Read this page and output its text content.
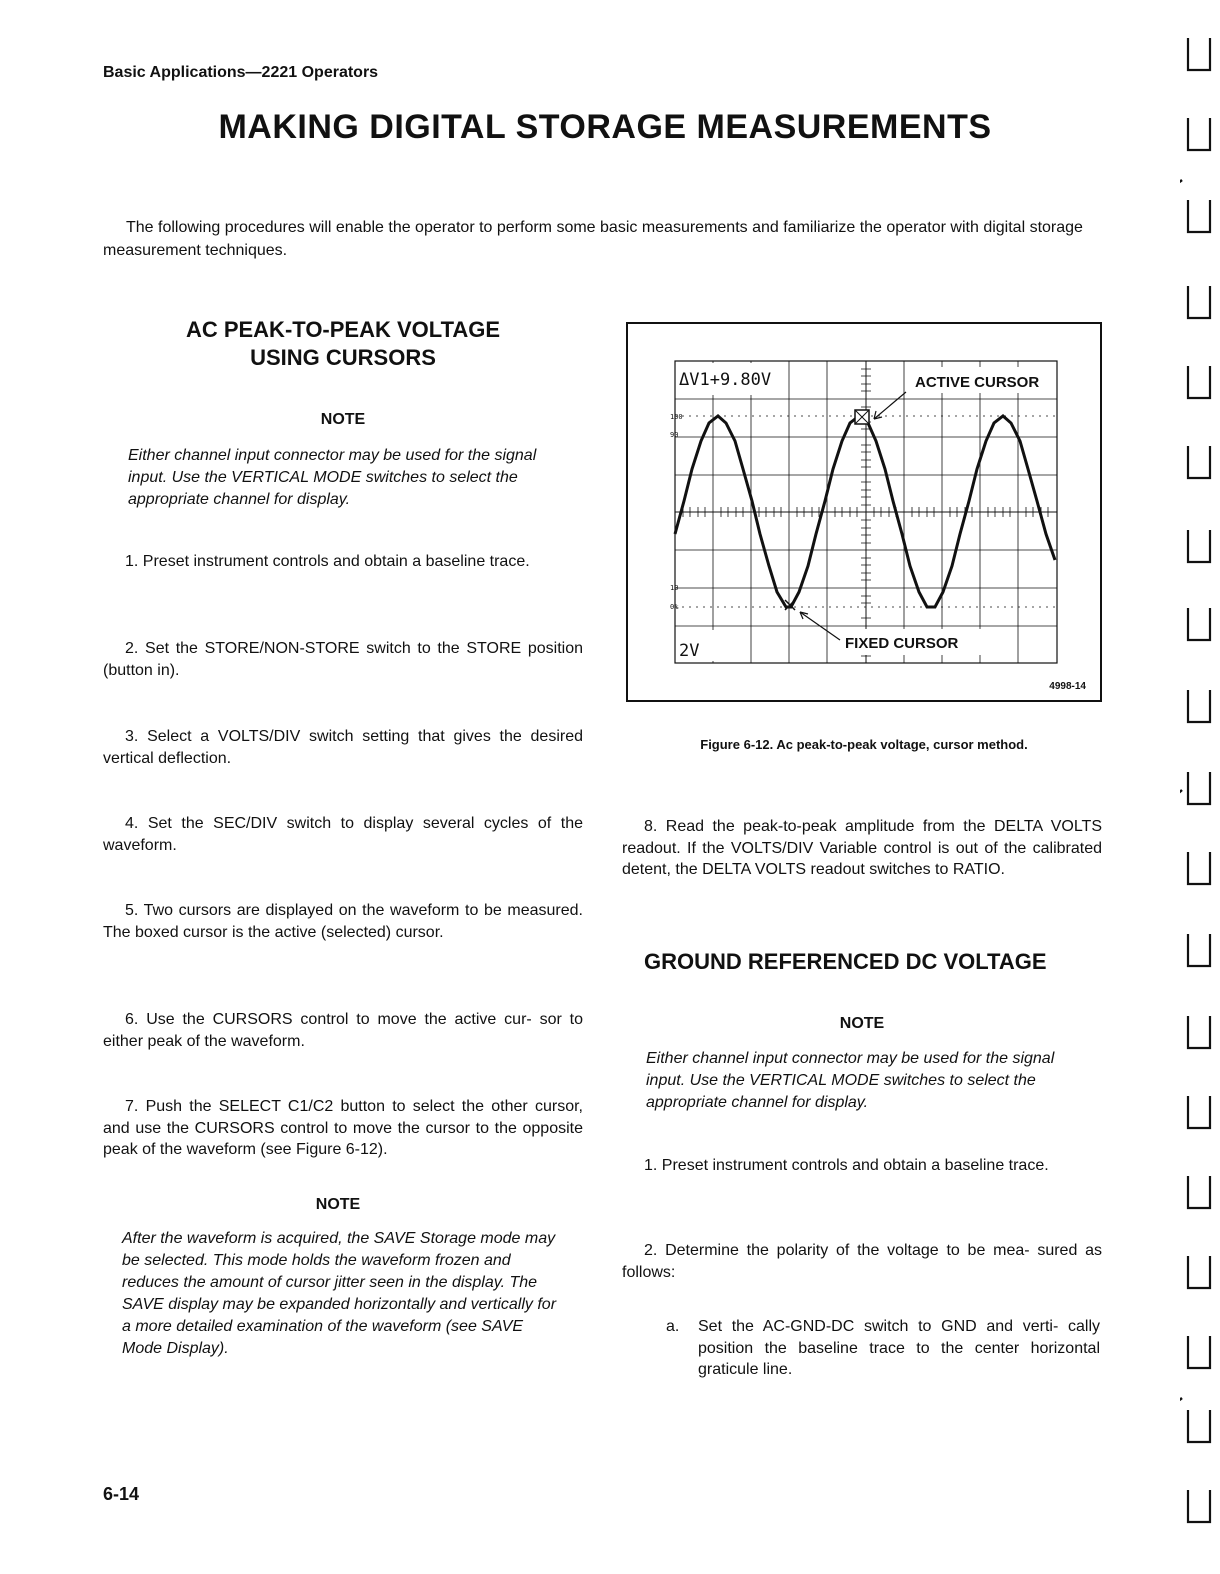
Basic Applications—2221 Operators
MAKING DIGITAL STORAGE MEASUREMENTS
The following procedures will enable the operator to perform some basic measurements and familiarize the operator with digital storage measurement techniques.
AC PEAK-TO-PEAK VOLTAGE
USING CURSORS
NOTE
Either channel input connector may be used for the signal input. Use the VERTICAL MODE switches to select the appropriate channel for display.
1. Preset instrument controls and obtain a baseline trace.
2. Set the STORE/NON-STORE switch to the STORE position (button in).
3. Select a VOLTS/DIV switch setting that gives the desired vertical deflection.
4. Set the SEC/DIV switch to display several cycles of the waveform.
5. Two cursors are displayed on the waveform to be measured. The boxed cursor is the active (selected) cursor.
6. Use the CURSORS control to move the active cur- sor to either peak of the waveform.
7. Push the SELECT C1/C2 button to select the other cursor, and use the CURSORS control to move the cursor to the opposite peak of the waveform (see Figure 6-12).
NOTE
After the waveform is acquired, the SAVE Storage mode may be selected. This mode holds the waveform frozen and reduces the amount of cursor jitter seen in the display. The SAVE display may be expanded horizontally and vertically for a more detailed examination of the waveform (see SAVE Mode Display).
ΔV1+9.80V
2V
100
90
10
0%
ACTIVE CURSOR
FIXED CURSOR
4998-14
Figure 6-12. Ac peak-to-peak voltage, cursor method.
8. Read the peak-to-peak amplitude from the DELTA VOLTS readout. If the VOLTS/DIV Variable control is out of the calibrated detent, the DELTA VOLTS readout switches to RATIO.
GROUND REFERENCED DC VOLTAGE
NOTE
Either channel input connector may be used for the signal input. Use the VERTICAL MODE switches to select the appropriate channel for display.
1. Preset instrument controls and obtain a baseline trace.
2. Determine the polarity of the voltage to be mea- sured as follows:
a.	Set the AC-GND-DC switch to GND and verti- cally position the baseline trace to the center horizontal graticule line.
6-14
